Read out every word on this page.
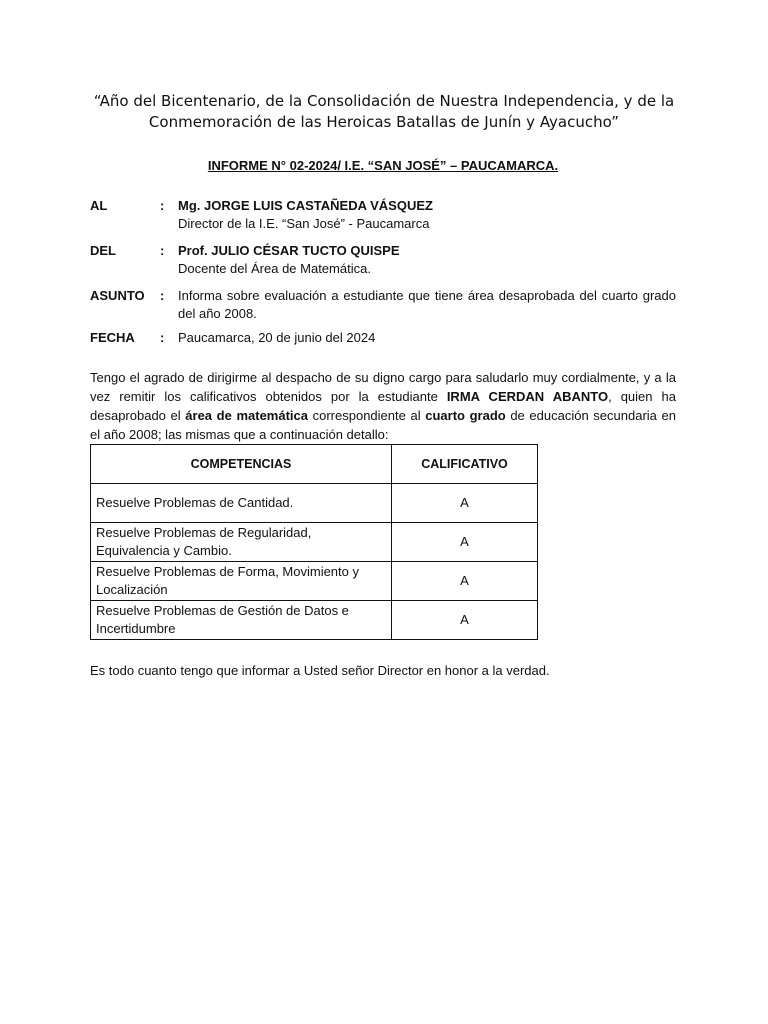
“Año del Bicentenario, de la Consolidación de Nuestra Independencia, y de la
Conmemoración de las Heroicas Batallas de Junín y Ayacucho”
INFORME N° 02-2024/ I.E. “SAN JOSÉ” – PAUCAMARCA.
AL	: Mg. JORGE LUIS CASTAÑEDA VÁSQUEZ
Director de la I.E. “San José” - Paucamarca
DEL	: Prof. JULIO CÉSAR TUCTO QUISPE
Docente del Área de Matemática.
ASUNTO : Informa sobre evaluación a estudiante que tiene área desaprobada del cuarto grado del año 2008.
FECHA : Paucamarca, 20 de junio del 2024
Tengo el agrado de dirigirme al despacho de su digno cargo para saludarlo muy cordialmente, y a la vez remitir los calificativos obtenidos por la estudiante IRMA CERDAN ABANTO, quien ha desaprobado el área de matemática correspondiente al cuarto grado de educación secundaria en el año 2008; las mismas que a continuación detallo:
COMPETENCIAS	CALIFICATIVO
Resuelve Problemas de Cantidad.	A
Resuelve Problemas de Regularidad, Equivalencia y Cambio.	A
Resuelve Problemas de Forma, Movimiento y Localización	A
Resuelve Problemas de Gestión de Datos e Incertidumbre	A
Es todo cuanto tengo que informar a Usted señor Director en honor a la verdad.
